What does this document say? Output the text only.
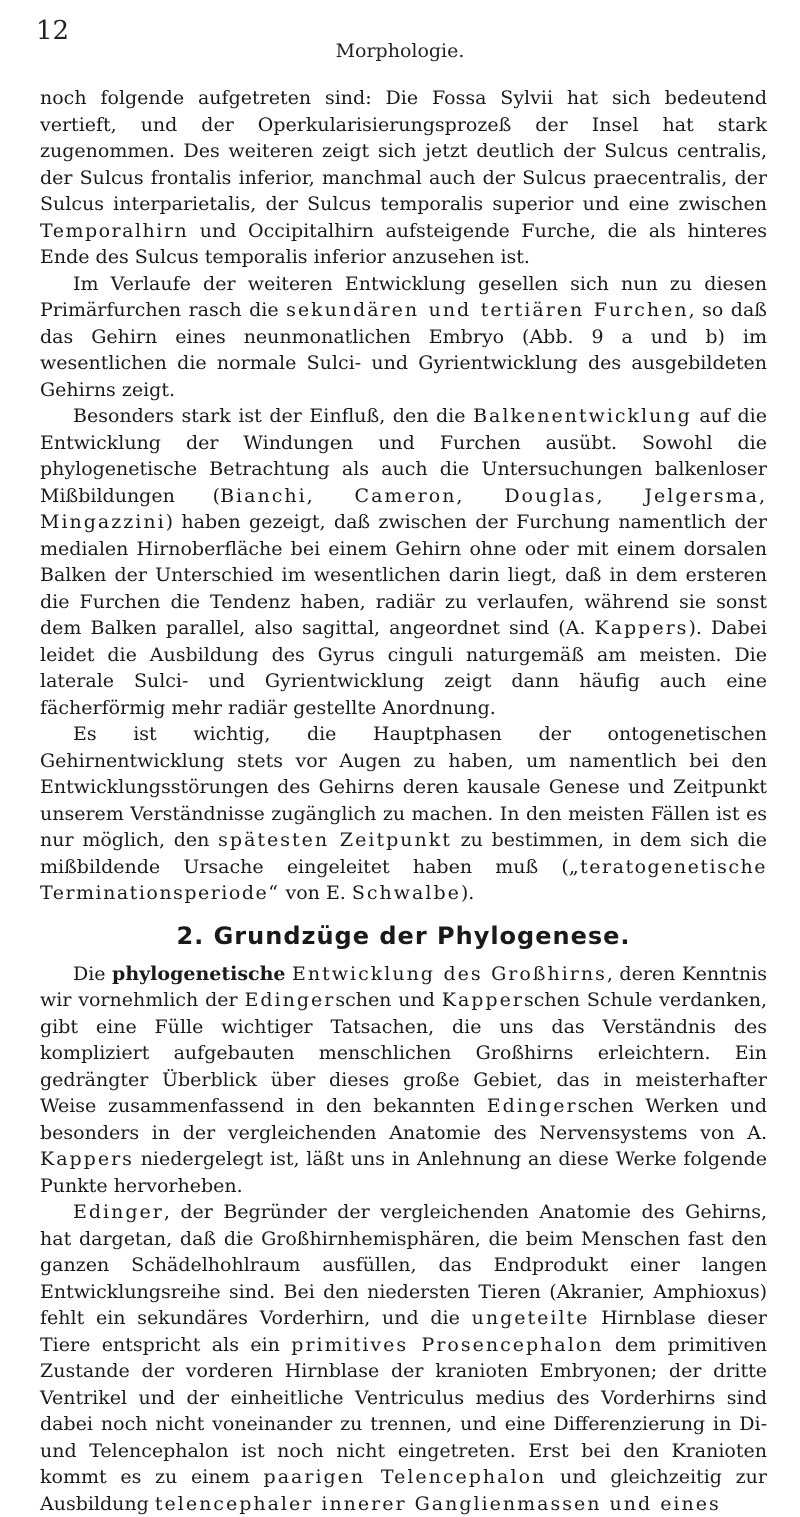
12
Morphologie.

noch folgende aufgetreten sind: Die Fossa Sylvii hat sich bedeutend vertieft, und der Operkularisierungsprozeß der Insel hat stark zugenommen. Des weiteren zeigt sich jetzt deutlich der Sulcus centralis, der Sulcus frontalis inferior, manchmal auch der Sulcus praecentralis, der Sulcus interparietalis, der Sulcus temporalis superior und eine zwischen Temporalhirn und Occipitalhirn aufsteigende Furche, die als hinteres Ende des Sulcus temporalis inferior anzusehen ist.

Im Verlaufe der weiteren Entwicklung gesellen sich nun zu diesen Primärfurchen rasch die sekundären und tertiären Furchen, so daß das Gehirn eines neunmonatlichen Embryo (Abb. 9 a und b) im wesentlichen die normale Sulci- und Gyrientwicklung des ausgebildeten Gehirns zeigt.

Besonders stark ist der Einfluß, den die Balkenentwicklung auf die Entwicklung der Windungen und Furchen ausübt. Sowohl die phylogenetische Betrachtung als auch die Untersuchungen balkenloser Mißbildungen (Bianchi, Cameron, Douglas, Jelgersma, Mingazzini) haben gezeigt, daß zwischen der Furchung namentlich der medialen Hirnoberfläche bei einem Gehirn ohne oder mit einem dorsalen Balken der Unterschied im wesentlichen darin liegt, daß in dem ersteren die Furchen die Tendenz haben, radiär zu verlaufen, während sie sonst dem Balken parallel, also sagittal, angeordnet sind (A. Kappers). Dabei leidet die Ausbildung des Gyrus cinguli naturgemäß am meisten. Die laterale Sulci- und Gyrientwicklung zeigt dann häufig auch eine fächerförmig mehr radiär gestellte Anordnung.

Es ist wichtig, die Hauptphasen der ontogenetischen Gehirnentwicklung stets vor Augen zu haben, um namentlich bei den Entwicklungsstörungen des Gehirns deren kausale Genese und Zeitpunkt unserem Verständnisse zugänglich zu machen. In den meisten Fällen ist es nur möglich, den spätesten Zeitpunkt zu bestimmen, in dem sich die mißbildende Ursache eingeleitet haben muß („teratogenetische Terminationsperiode“ von E. Schwalbe).

2. Grundzüge der Phylogenese.

Die phylogenetische Entwicklung des Großhirns, deren Kenntnis wir vornehmlich der Edingerschen und Kapperschen Schule verdanken, gibt eine Fülle wichtiger Tatsachen, die uns das Verständnis des kompliziert aufgebauten menschlichen Großhirns erleichtern. Ein gedrängter Überblick über dieses große Gebiet, das in meisterhafter Weise zusammenfassend in den bekannten Edingerschen Werken und besonders in der vergleichenden Anatomie des Nervensystems von A. Kappers niedergelegt ist, läßt uns in Anlehnung an diese Werke folgende Punkte hervorheben.

Edinger, der Begründer der vergleichenden Anatomie des Gehirns, hat dargetan, daß die Großhirnhemisphären, die beim Menschen fast den ganzen Schädelhohlraum ausfüllen, das Endprodukt einer langen Entwicklungsreihe sind. Bei den niedersten Tieren (Akranier, Amphioxus) fehlt ein sekundäres Vorderhirn, und die ungeteilte Hirnblase dieser Tiere entspricht als ein primitives Prosencephalon dem primitiven Zustande der vorderen Hirnblase der kranioten Embryonen; der dritte Ventrikel und der einheitliche Ventriculus medius des Vorderhirns sind dabei noch nicht voneinander zu trennen, und eine Differenzierung in Di- und Telencephalon ist noch nicht eingetreten. Erst bei den Kranioten kommt es zu einem paarigen Telencephalon und gleichzeitig zur Ausbildung telencephaler innerer Ganglienmassen und eines
